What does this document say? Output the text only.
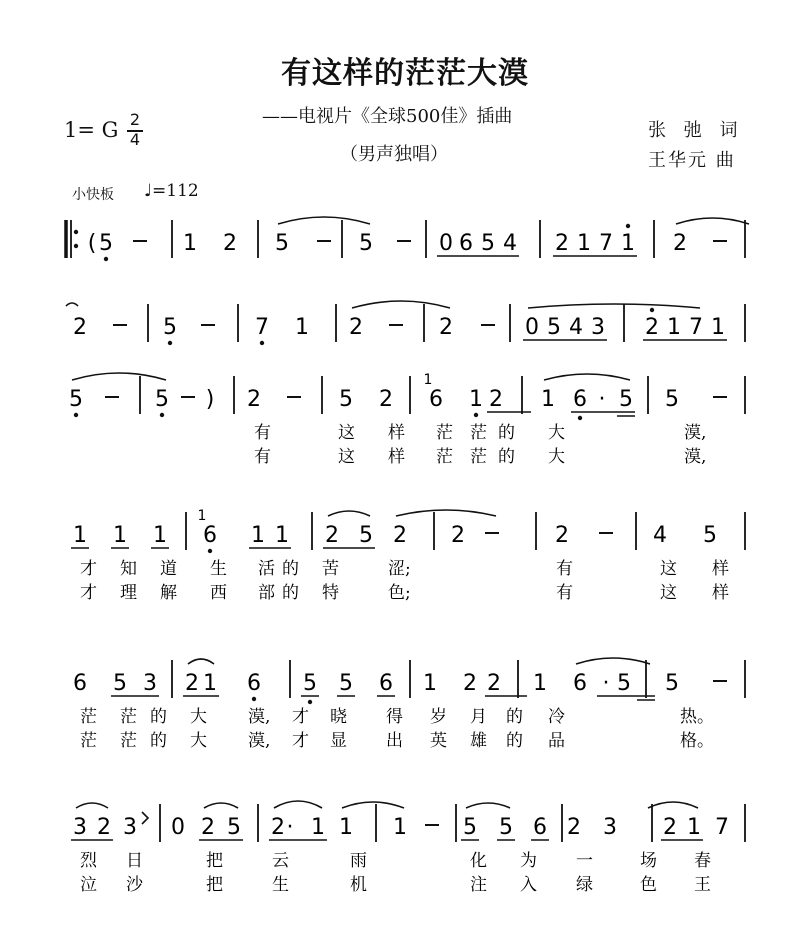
有这样的茫茫大漠
——电视片《全球500佳》插曲
（男声独唱）
1= G 2
4	张 弛 词
王华元 曲
小快板 ♩=112
( 5	1 2 5	5	0 6 5 4 2 1 7 1 2
2	5	7 1 2	2	0 5 4 3 2 1 7 1
5	5 ) 2	5 2 6 1 2 1 6 · 5 5
1
有	这 样 茫 茫 的 大	漠,
有	这 样 茫 茫 的 大	漠,
1 1 1 6 1 1 2 5 2 2	2	4 5
1
才 知 道 生 活 的 苦	涩;	有	这 样
才 理 解 西 部 的 特	色;	有	这 样
6 5 3 2 1 6 5 5 6 1 2 2 1 6 · 5 5
茫 茫 的 大 漠, 才 晓 得 岁 月 的 冷	热。
茫 茫 的 大 漠, 才 显 出 英 雄 的 品	格。
3 2 3 0 2 5 2 · 1 1 1	5 5 6 2 3 2 1 7
烈 日	把	云	雨	化 为 一	场 春
泣 沙	把	生	机	注 入 绿	色 王
